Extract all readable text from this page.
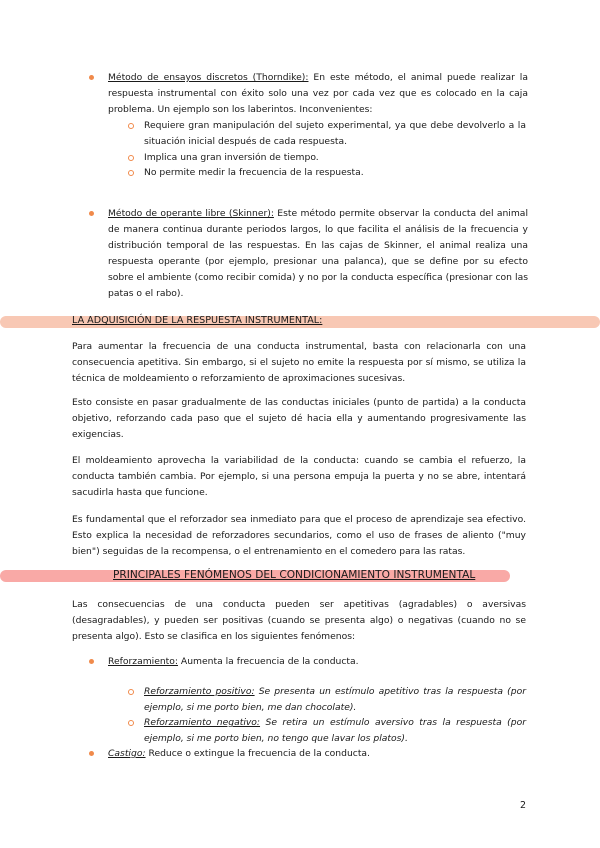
Método de ensayos discretos (Thorndike): En este método, el animal puede realizar la respuesta instrumental con éxito solo una vez por cada vez que es colocado en la caja problema. Un ejemplo son los laberintos. Inconvenientes:
Requiere gran manipulación del sujeto experimental, ya que debe devolverlo a la situación inicial después de cada respuesta.
Implica una gran inversión de tiempo.
No permite medir la frecuencia de la respuesta.
Método de operante libre (Skinner): Este método permite observar la conducta del animal de manera continua durante periodos largos, lo que facilita el análisis de la frecuencia y distribución temporal de las respuestas. En las cajas de Skinner, el animal realiza una respuesta operante (por ejemplo, presionar una palanca), que se define por su efecto sobre el ambiente (como recibir comida) y no por la conducta específica (presionar con las patas o el rabo).
LA ADQUISICIÓN DE LA RESPUESTA INSTRUMENTAL:
Para aumentar la frecuencia de una conducta instrumental, basta con relacionarla con una consecuencia apetitiva. Sin embargo, si el sujeto no emite la respuesta por sí mismo, se utiliza la técnica de moldeamiento o reforzamiento de aproximaciones sucesivas.
Esto consiste en pasar gradualmente de las conductas iniciales (punto de partida) a la conducta objetivo, reforzando cada paso que el sujeto dé hacia ella y aumentando progresivamente las exigencias.
El moldeamiento aprovecha la variabilidad de la conducta: cuando se cambia el refuerzo, la conducta también cambia. Por ejemplo, si una persona empuja la puerta y no se abre, intentará sacudirla hasta que funcione.
Es fundamental que el reforzador sea inmediato para que el proceso de aprendizaje sea efectivo. Esto explica la necesidad de reforzadores secundarios, como el uso de frases de aliento ("muy bien") seguidas de la recompensa, o el entrenamiento en el comedero para las ratas.
PRINCIPALES FENÓMENOS DEL CONDICIONAMIENTO INSTRUMENTAL
Las consecuencias de una conducta pueden ser apetitivas (agradables) o aversivas (desagradables), y pueden ser positivas (cuando se presenta algo) o negativas (cuando no se presenta algo). Esto se clasifica en los siguientes fenómenos:
Reforzamiento: Aumenta la frecuencia de la conducta.
Reforzamiento positivo: Se presenta un estímulo apetitivo tras la respuesta (por ejemplo, si me porto bien, me dan chocolate).
Reforzamiento negativo: Se retira un estímulo aversivo tras la respuesta (por ejemplo, si me porto bien, no tengo que lavar los platos).
Castigo: Reduce o extingue la frecuencia de la conducta.
2
